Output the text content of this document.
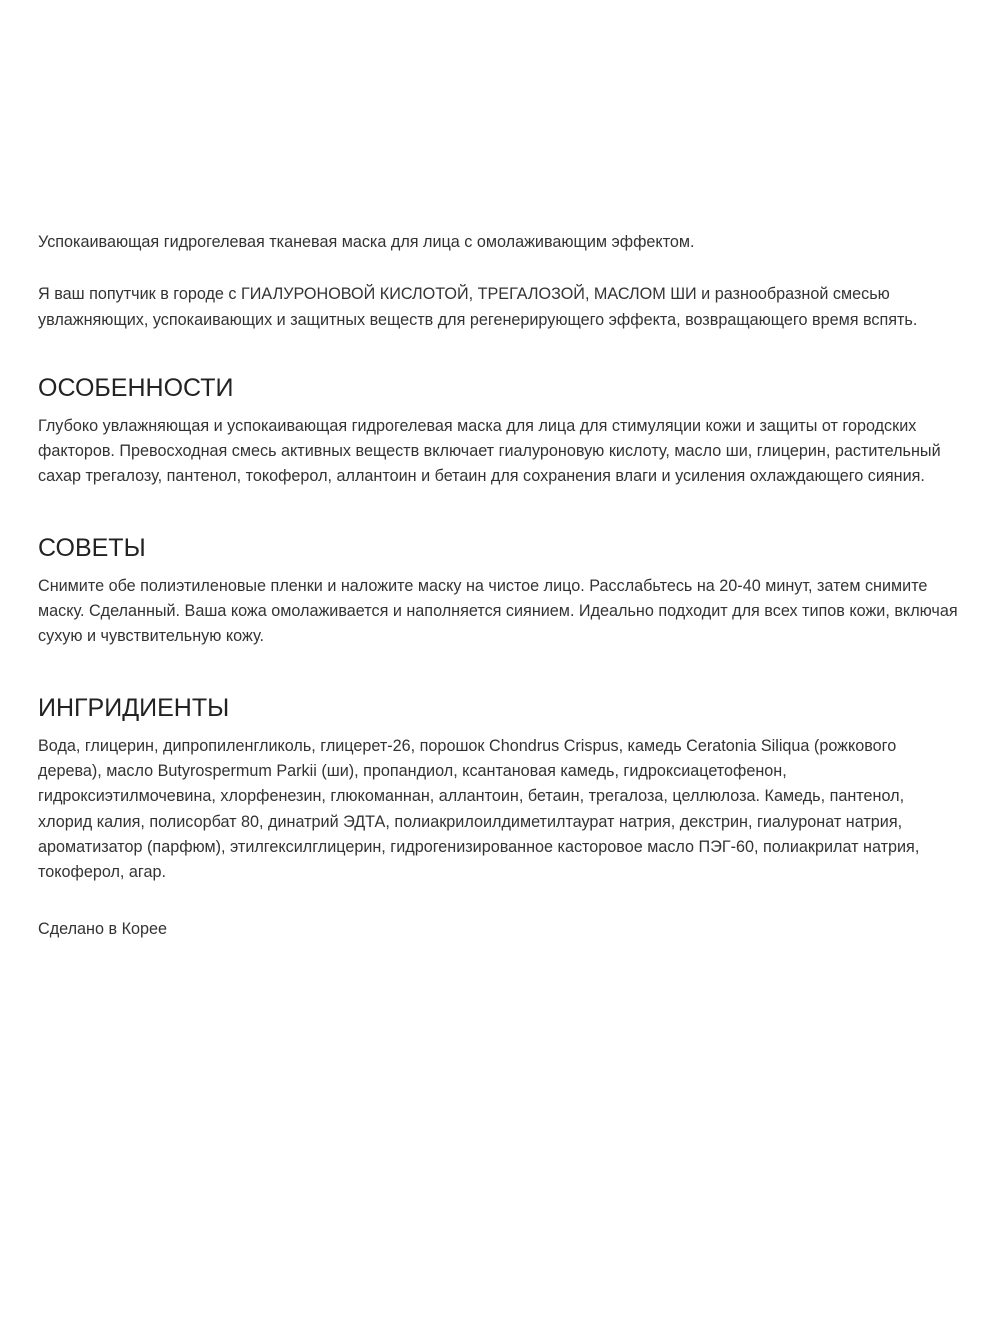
Успокаивающая гидрогелевая тканевая маска для лица с омолаживающим эффектом.

Я ваш попутчик в городе с ГИАЛУРОНОВОЙ КИСЛОТОЙ, ТРЕГАЛОЗОЙ, МАСЛОМ ШИ и разнообразной смесью увлажняющих, успокаивающих и защитных веществ для регенерирующего эффекта, возвращающего время вспять.

ОСОБЕННОСТИ

Глубоко увлажняющая и успокаивающая гидрогелевая маска для лица для стимуляции кожи и защиты от городских факторов. Превосходная смесь активных веществ включает гиалуроновую кислоту, масло ши, глицерин, растительный сахар трегалозу, пантенол, токоферол, аллантоин и бетаин для сохранения влаги и усиления охлаждающего сияния.

СОВЕТЫ

Снимите обе полиэтиленовые пленки и наложите маску на чистое лицо. Расслабьтесь на 20-40 минут, затем снимите маску. Сделанный. Ваша кожа омолаживается и наполняется сиянием. Идеально подходит для всех типов кожи, включая сухую и чувствительную кожу.

ИНГРИДИЕНТЫ

Вода, глицерин, дипропиленгликоль, глицерет-26, порошок Chondrus Crispus, камедь Ceratonia Siliqua (рожкового дерева), масло Butyrospermum Parkii (ши), пропандиол, ксантановая камедь, гидроксиацетофенон, гидроксиэтилмочевина, хлорфенезин, глюкоманнан, аллантоин, бетаин, трегалоза, целлюлоза. Камедь, пантенол, хлорид калия, полисорбат 80, динатрий ЭДТА, полиакрилоилдиметилтаурат натрия, декстрин, гиалуронат натрия, ароматизатор (парфюм), этилгексилглицерин, гидрогенизированное касторовое масло ПЭГ-60, полиакрилат натрия, токоферол, агар.

Сделано в Корее
